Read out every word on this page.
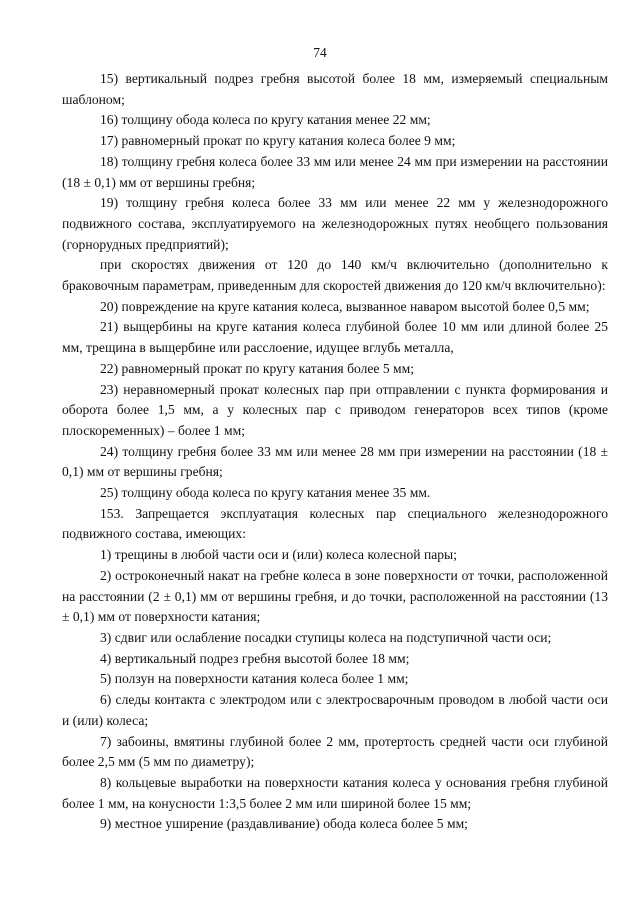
74

15) вертикальный подрез гребня высотой более 18 мм, измеряемый специальным шаблоном;

16) толщину обода колеса по кругу катания менее 22 мм;

17) равномерный прокат по кругу катания колеса более 9 мм;

18) толщину гребня колеса более 33 мм или менее 24 мм при измерении на расстоянии (18 ± 0,1) мм от вершины гребня;

19) толщину гребня колеса более 33 мм или менее 22 мм у железнодорожного подвижного состава, эксплуатируемого на железнодорожных путях необщего пользования (горнорудных предприятий);

при скоростях движения от 120 до 140 км/ч включительно (дополнительно к браковочным параметрам, приведенным для скоростей движения до 120 км/ч включительно):

20) повреждение на круге катания колеса, вызванное наваром высотой более 0,5 мм;

21) выщербины на круге катания колеса глубиной более 10 мм или длиной более 25 мм, трещина в выщербине или расслоение, идущее вглубь металла,

22) равномерный прокат по кругу катания более 5 мм;

23) неравномерный прокат колесных пар при отправлении с пункта формирования и оборота более 1,5 мм, а у колесных пар с приводом генераторов всех типов (кроме плоскоременных) – более 1 мм;

24) толщину гребня более 33 мм или менее 28 мм при измерении на расстоянии (18 ± 0,1) мм от вершины гребня;

25) толщину обода колеса по кругу катания менее 35 мм.

153. Запрещается эксплуатация колесных пар специального железнодорожного подвижного состава, имеющих:

1) трещины в любой части оси и (или) колеса колесной пары;

2) остроконечный накат на гребне колеса в зоне поверхности от точки, расположенной на расстоянии (2 ± 0,1) мм от вершины гребня, и до точки, расположенной на расстоянии (13 ± 0,1) мм от поверхности катания;

3) сдвиг или ослабление посадки ступицы колеса на подступичной части оси;

4) вертикальный подрез гребня высотой более 18 мм;

5) ползун на поверхности катания колеса более 1 мм;

6) следы контакта с электродом или с электросварочным проводом в любой части оси и (или) колеса;

7) забоины, вмятины глубиной более 2 мм, протертость средней части оси глубиной более 2,5 мм (5 мм по диаметру);

8) кольцевые выработки на поверхности катания колеса у основания гребня глубиной более 1 мм, на конусности 1:3,5 более 2 мм или шириной более 15 мм;

9) местное уширение (раздавливание) обода колеса более 5 мм;
